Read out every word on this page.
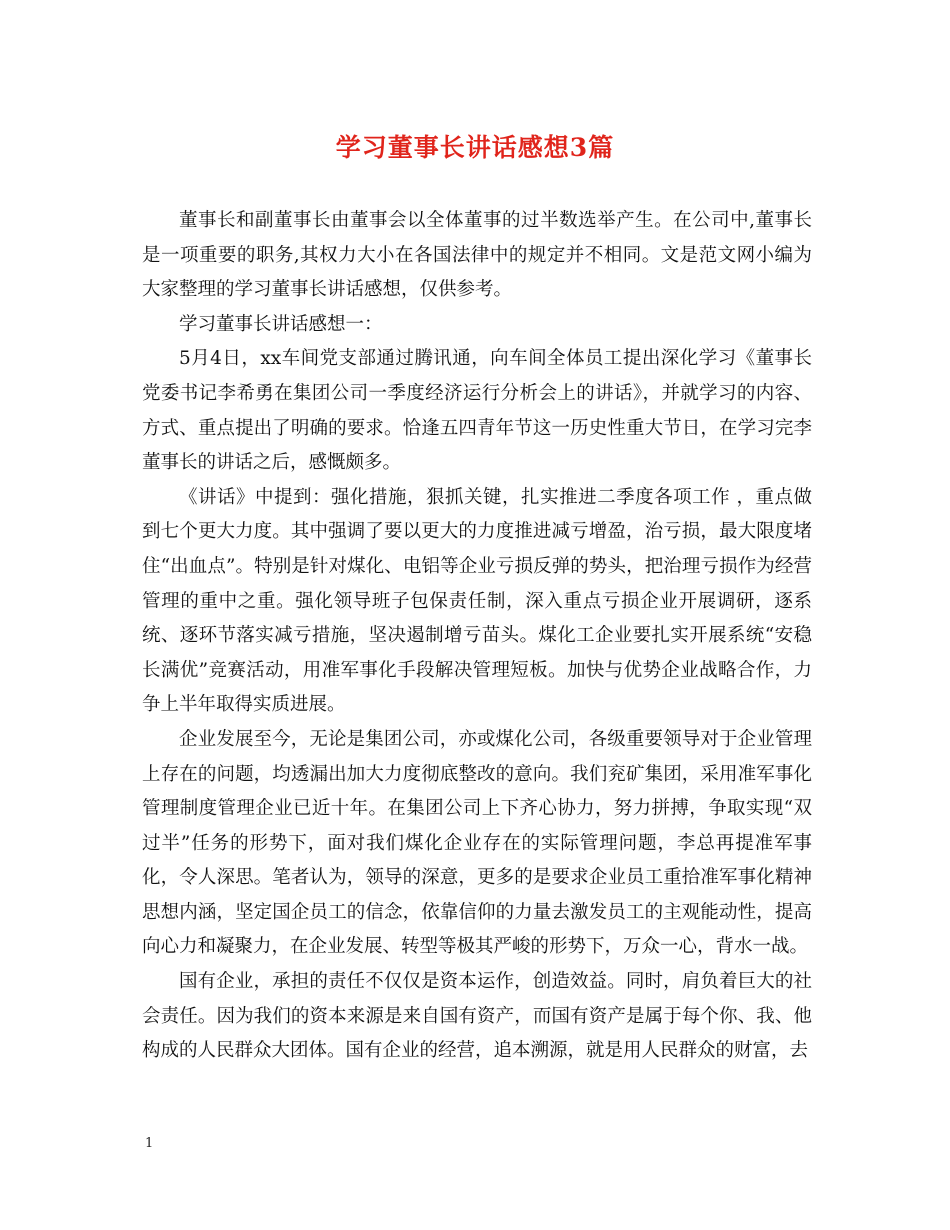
学习董事长讲话感想3篇

董事长和副董事长由董事会以全体董事的过半数选举产生。在公司中,董事长是一项重要的职务,其权力大小在各国法律中的规定并不相同。文是范文网小编为大家整理的学习董事长讲话感想，仅供参考。

学习董事长讲话感想一：

5月4日，xx车间党支部通过腾讯通，向车间全体员工提出深化学习《董事长党委书记李希勇在集团公司一季度经济运行分析会上的讲话》，并就学习的内容、方式、重点提出了明确的要求。恰逢五四青年节这一历史性重大节日，在学习完李董事长的讲话之后，感慨颇多。

《讲话》中提到：强化措施，狠抓关键，扎实推进二季度各项工作 ，重点做到七个更大力度。其中强调了要以更大的力度推进减亏增盈，治亏损，最大限度堵住“出血点”。特别是针对煤化、电铝等企业亏损反弹的势头，把治理亏损作为经营管理的重中之重。强化领导班子包保责任制，深入重点亏损企业开展调研，逐系统、逐环节落实减亏措施，坚决遏制增亏苗头。煤化工企业要扎实开展系统“安稳长满优”竞赛活动，用准军事化手段解决管理短板。加快与优势企业战略合作，力争上半年取得实质进展。

企业发展至今，无论是集团公司，亦或煤化公司，各级重要领导对于企业管理上存在的问题，均透漏出加大力度彻底整改的意向。我们兖矿集团，采用准军事化管理制度管理企业已近十年。在集团公司上下齐心协力，努力拼搏，争取实现“双过半”任务的形势下，面对我们煤化企业存在的实际管理问题，李总再提准军事化，令人深思。笔者认为，领导的深意，更多的是要求企业员工重拾准军事化精神思想内涵，坚定国企员工的信念，依靠信仰的力量去激发员工的主观能动性，提高向心力和凝聚力，在企业发展、转型等极其严峻的形势下，万众一心，背水一战。

国有企业，承担的责任不仅仅是资本运作，创造效益。同时，肩负着巨大的社会责任。因为我们的资本来源是来自国有资产，而国有资产是属于每个你、我、他构成的人民群众大团体。国有企业的经营，追本溯源，就是用人民群众的财富，去

1
